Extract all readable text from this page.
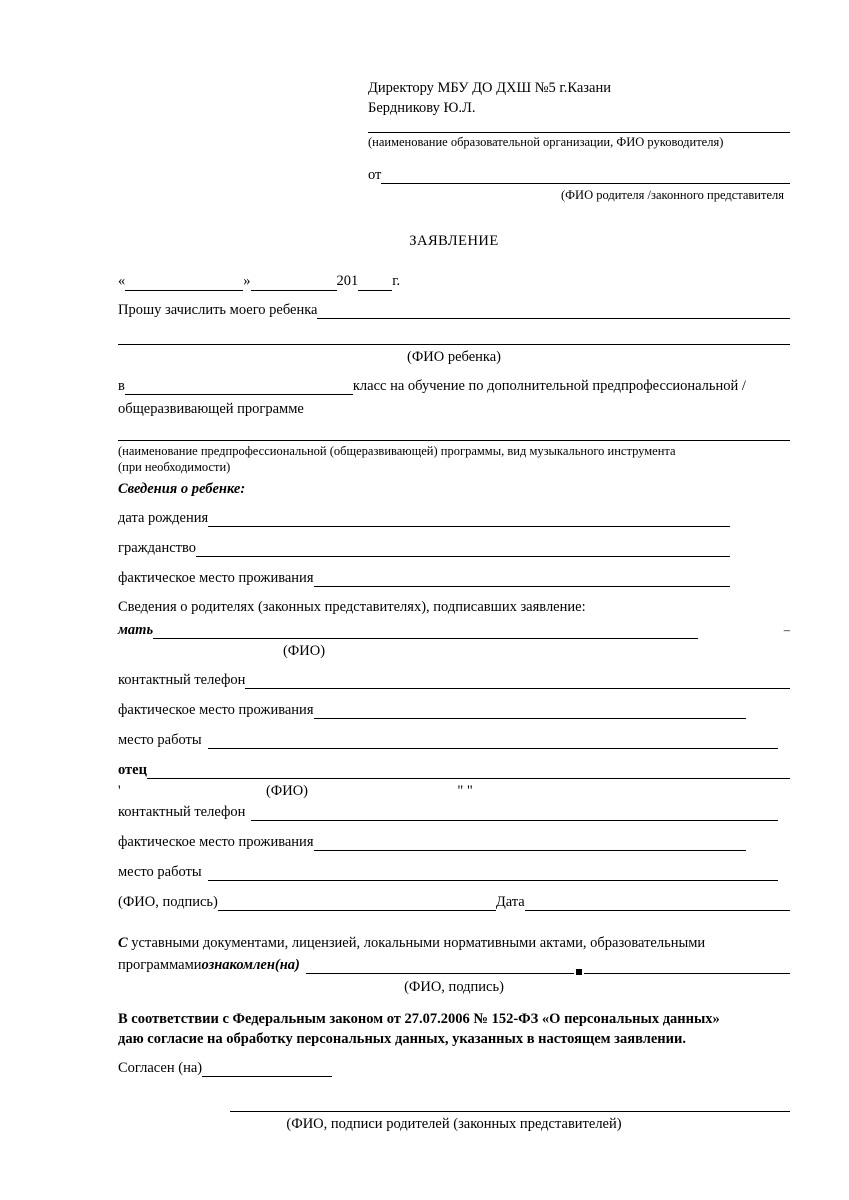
Директору МБУ ДО ДХШ №5 г.Казани
Бердникову Ю.Л.
(наименование образовательной организации, ФИО руководителя)
от
(ФИО родителя /законного представителя
ЗАЯВЛЕНИЕ
«	»	201 г.
Прошу зачислить моего ребенка
(ФИО ребенка)
в	класс на обучение по дополнительной предпрофессиональной /
общеразвивающей программе
(наименование предпрофессиональной (общеразвивающей) программы, вид музыкального инструмента
(при необходимости)
Сведения о ребенке:
дата рождения
гражданство
фактическое место проживания
Сведения о родителях (законных представителях), подписавших заявление:
мать	–
(ФИО)
контактный телефон
фактическое место проживания
место работы
отец
'	(ФИО)	" "
контактный телефон
фактическое место проживания
место работы
(ФИО, подпись)	Дата
С уставными документами, лицензией, локальными нормативными актами, образовательными
программами ознакомлен(на)
(ФИО, подпись)
В соответствии с Федеральным законом от 27.07.2006 № 152-ФЗ «О персональных данных»
даю согласие на обработку персональных данных, указанных в настоящем заявлении.
Согласен (на)
(ФИО, подписи родителей (законных представителей)
